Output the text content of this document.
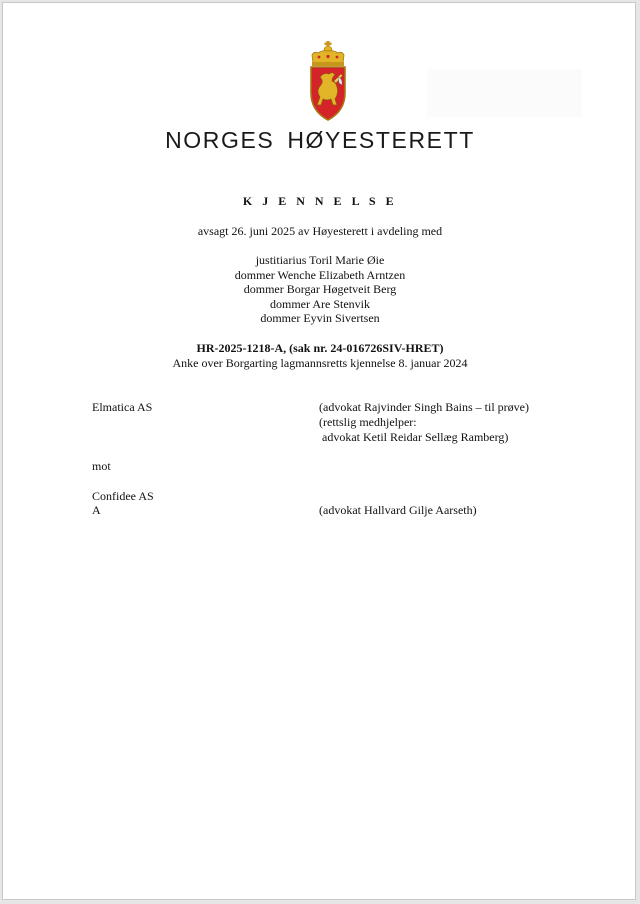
NORGES HØYESTERETT
K J E N N E L S E
avsagt 26. juni 2025 av Høyesterett i avdeling med
justitiarius Toril Marie Øie
dommer Wenche Elizabeth Arntzen
dommer Borgar Høgetveit Berg
dommer Are Stenvik
dommer Eyvin Sivertsen
HR-2025-1218-A, (sak nr. 24-016726SIV-HRET)
Anke over Borgarting lagmannsretts kjennelse 8. januar 2024
Elmatica AS	(advokat Rajvinder Singh Bains – til prøve)
(rettslig medhjelper:
advokat Ketil Reidar Sellæg Ramberg)
mot
Confidee AS
A	(advokat Hallvard Gilje Aarseth)
